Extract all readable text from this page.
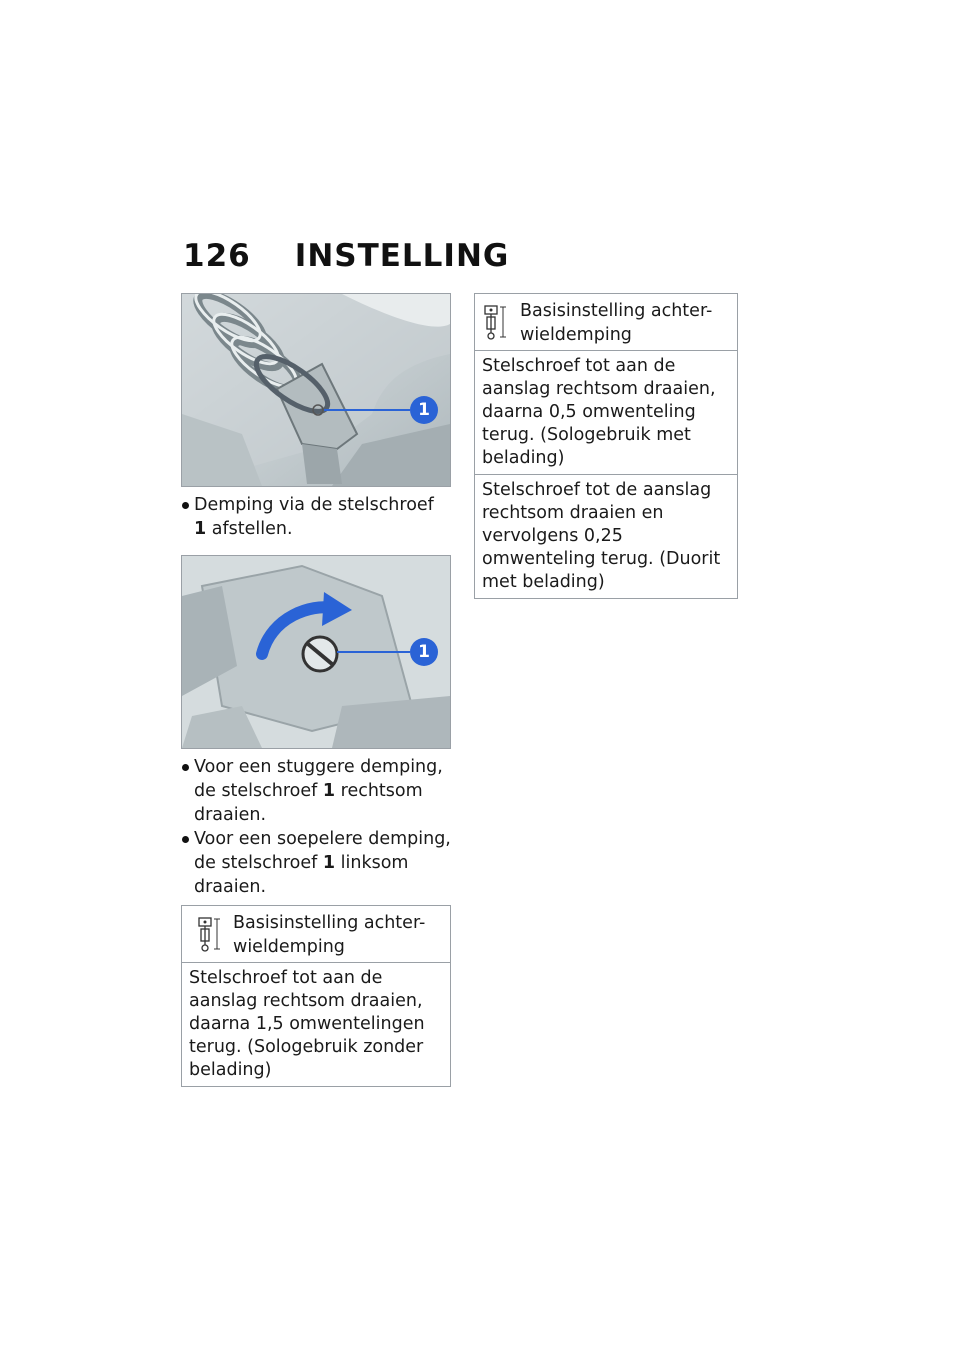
126 INSTELLING
1
Demping via de stelschroef 1 afstellen.
1
Voor een stuggere demping, de stelschroef 1 rechtsom draaien.
Voor een soepelere demping, de stelschroef 1 linksom draaien.
Basisinstelling achter-
wieldemping
Stelschroef tot aan de aanslag rechtsom draaien, daarna 1,5 omwentelingen terug. (Sologebruik zonder belading)
Basisinstelling achter-
wieldemping
Stelschroef tot aan de aanslag rechtsom draaien, daarna 0,5 omwenteling terug. (Sologebruik met belading)
Stelschroef tot de aanslag rechtsom draaien en vervolgens 0,25 omwenteling terug. (Duorit met belading)
